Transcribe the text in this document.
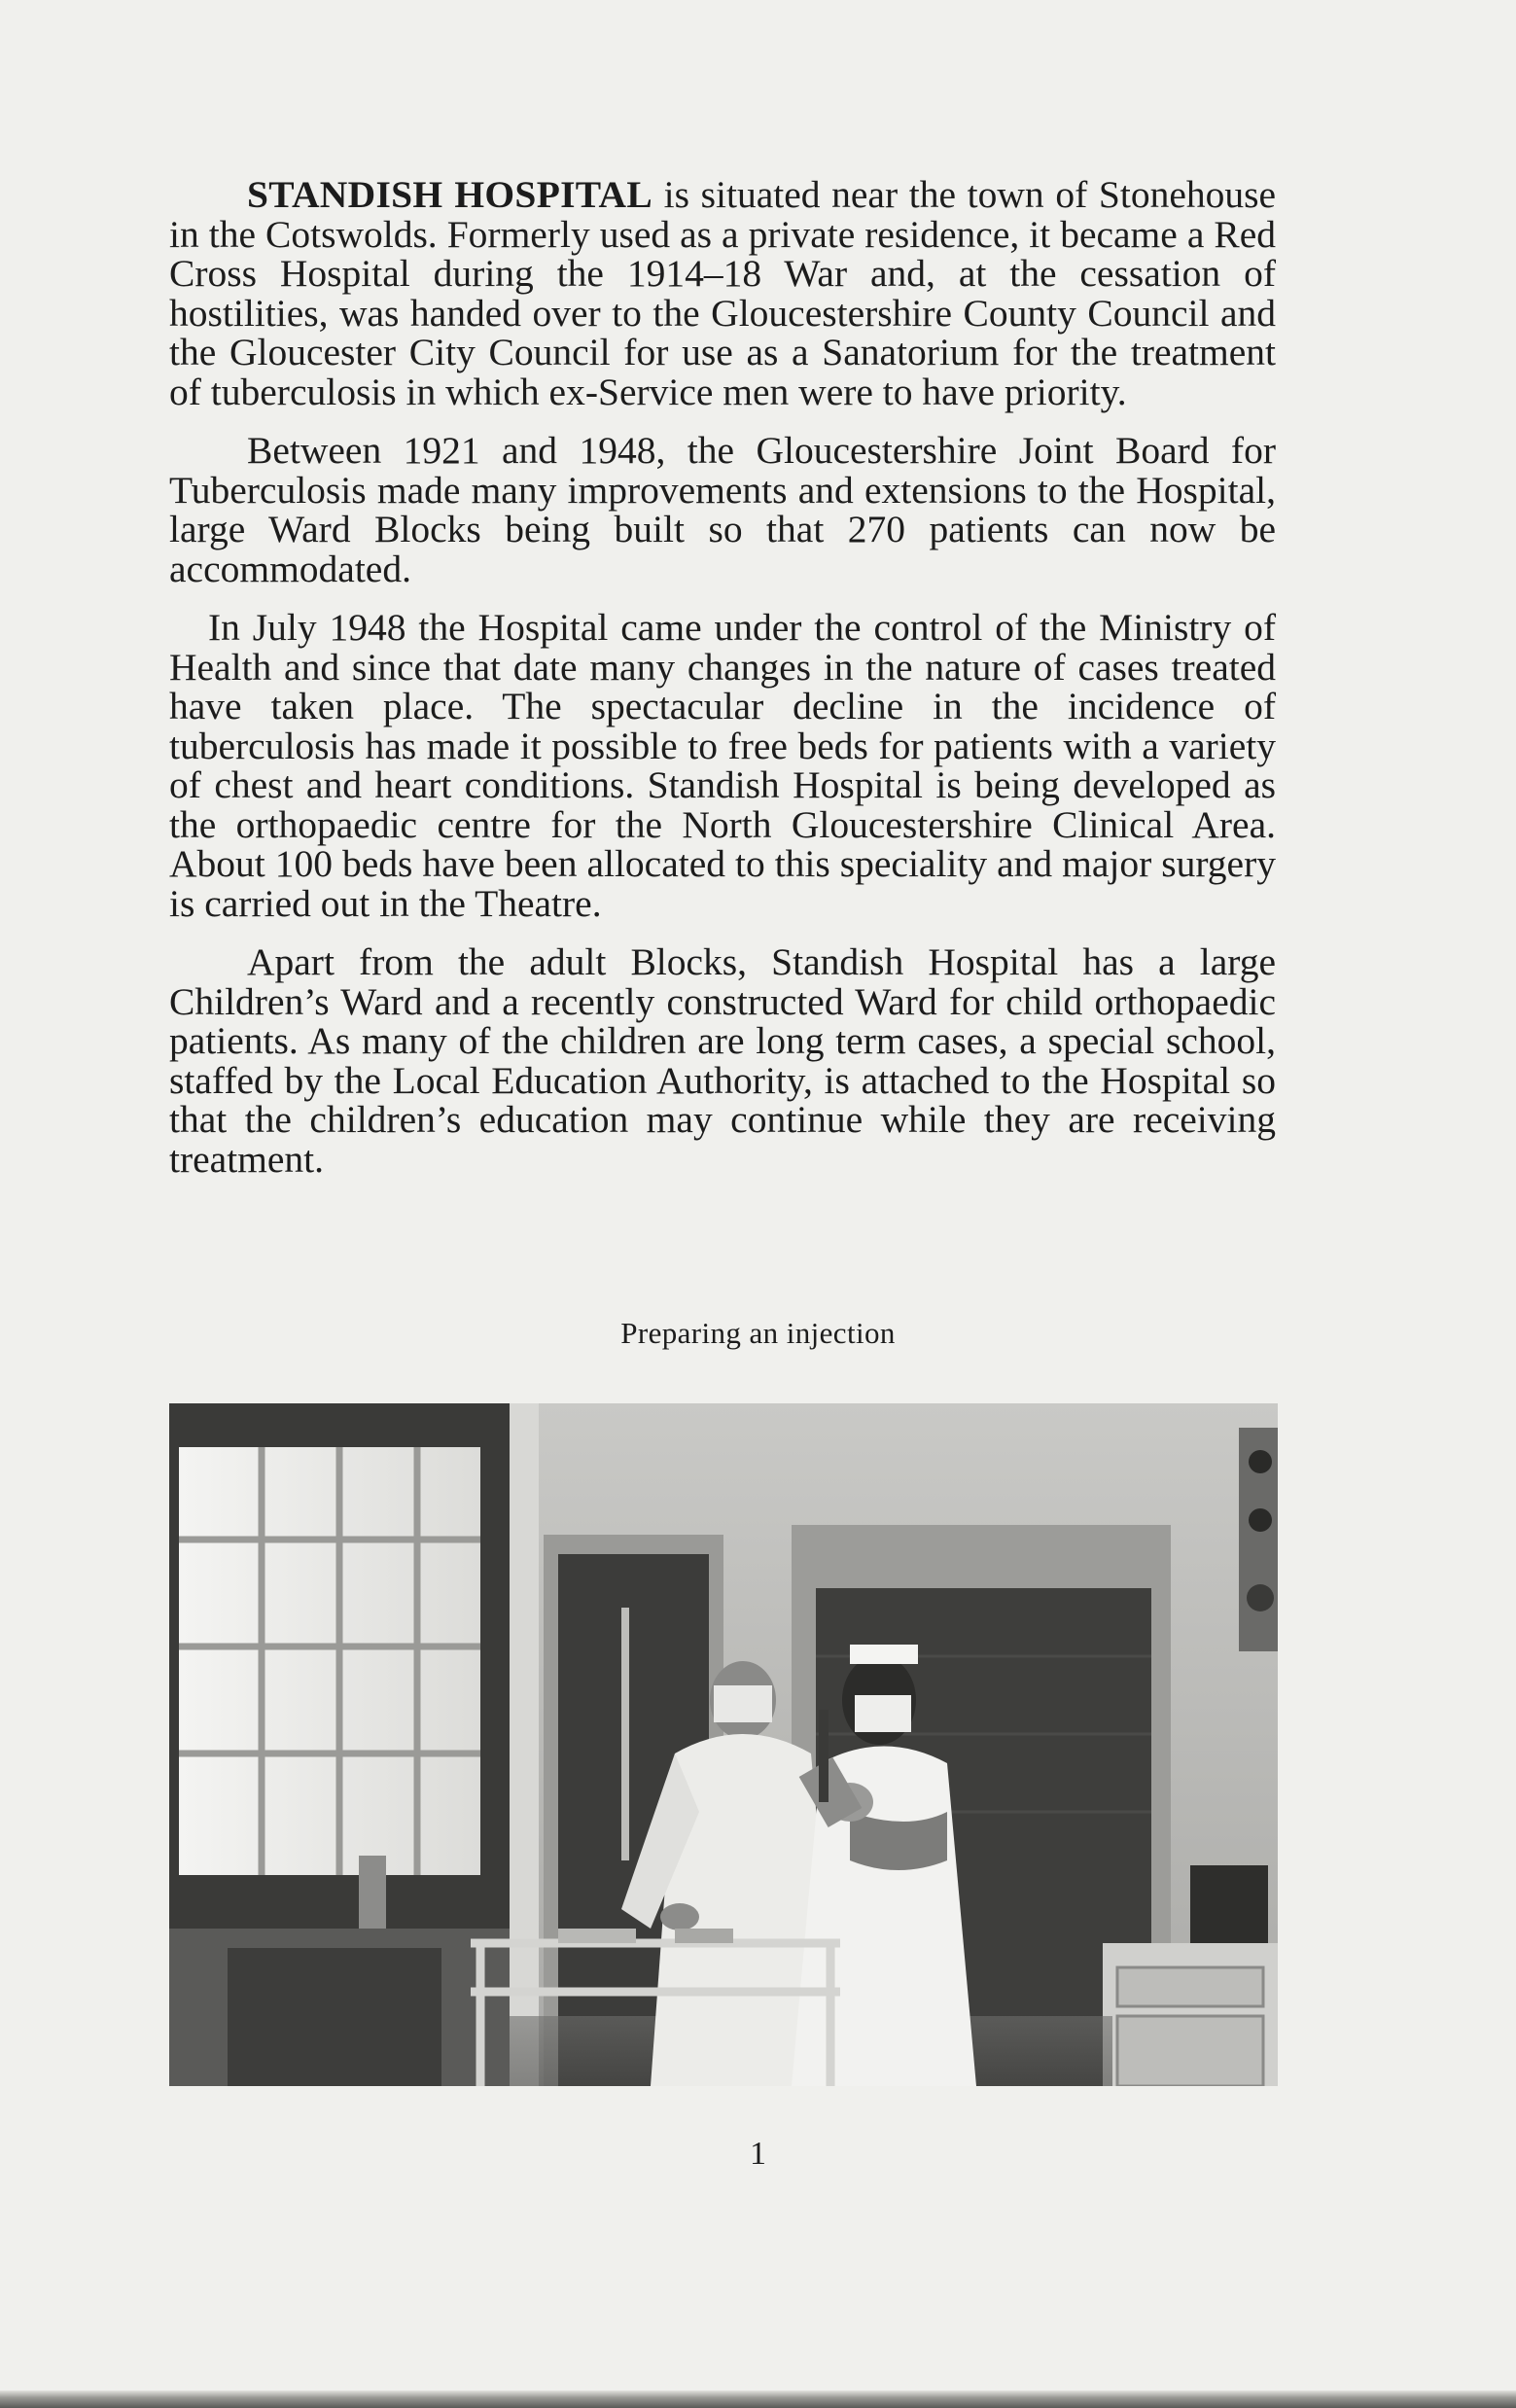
STANDISH HOSPITAL is situated near the town of Stonehouse in the Cotswolds. Formerly used as a private residence, it became a Red Cross Hospital during the 1914–18 War and, at the cessation of hostilities, was handed over to the Gloucestershire County Council and the Gloucester City Council for use as a Sanatorium for the treatment of tuberculosis in which ex-Service men were to have priority.

Between 1921 and 1948, the Gloucestershire Joint Board for Tuberculosis made many improvements and extensions to the Hospital, large Ward Blocks being built so that 270 patients can now be accommodated.

In July 1948 the Hospital came under the control of the Ministry of Health and since that date many changes in the nature of cases treated have taken place. The spectacular decline in the incidence of tuberculosis has made it possible to free beds for patients with a variety of chest and heart conditions. Standish Hospital is being developed as the orthopaedic centre for the North Gloucestershire Clinical Area. About 100 beds have been allocated to this speciality and major surgery is carried out in the Theatre.

Apart from the adult Blocks, Standish Hospital has a large Children’s Ward and a recently constructed Ward for child orthopaedic patients. As many of the children are long term cases, a special school, staffed by the Local Education Authority, is attached to the Hospital so that the children’s education may continue while they are receiving treatment.

Preparing an injection
1
